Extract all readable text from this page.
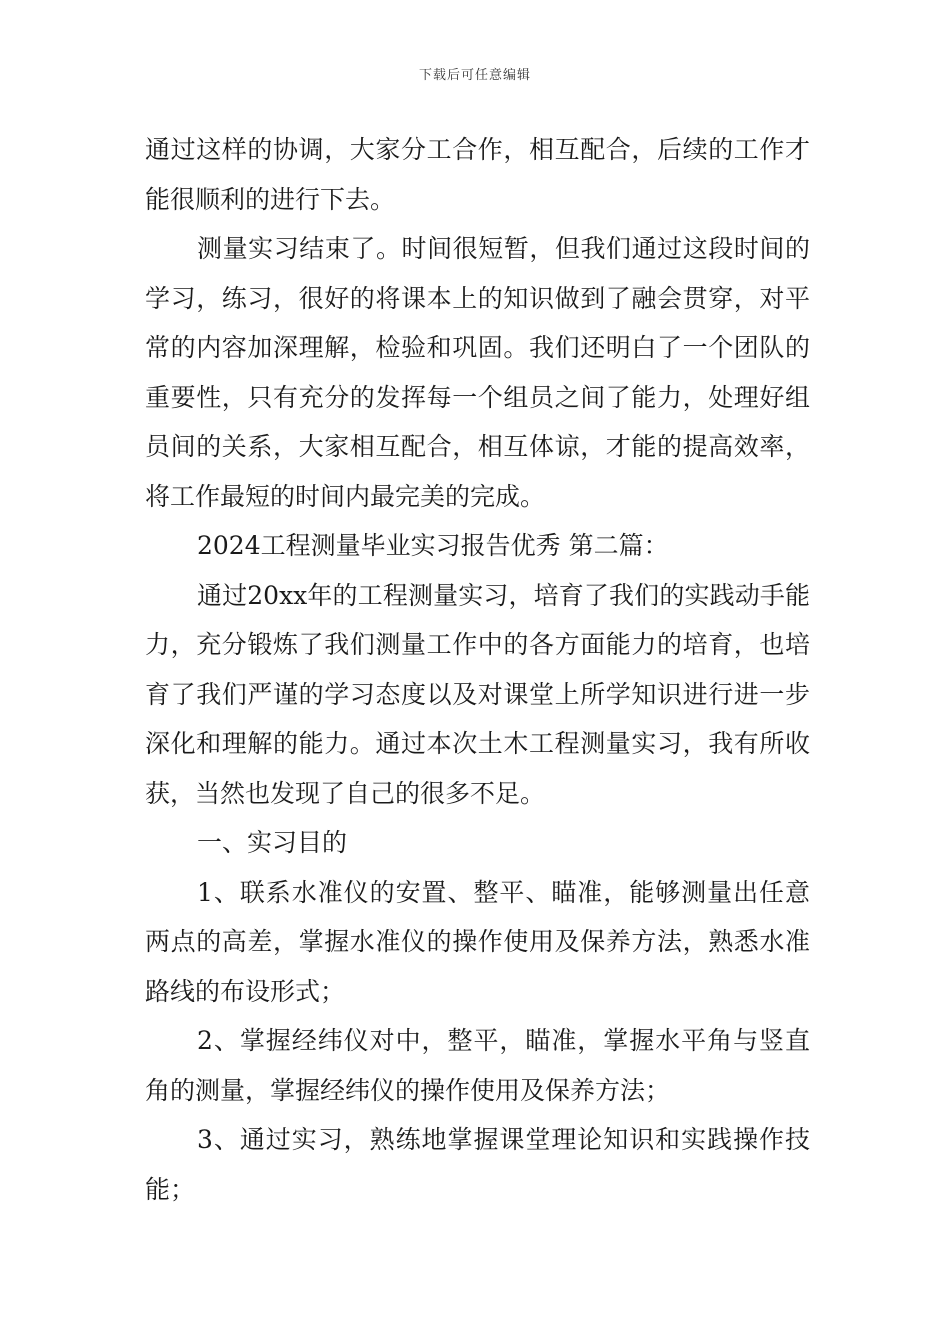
下载后可任意编辑

通过这样的协调，大家分工合作，相互配合，后续的工作才能很顺利的进行下去。

测量实习结束了。时间很短暂，但我们通过这段时间的学习，练习，很好的将课本上的知识做到了融会贯穿，对平常的内容加深理解，检验和巩固。我们还明白了一个团队的重要性，只有充分的发挥每一个组员之间了能力，处理好组员间的关系，大家相互配合，相互体谅，才能的提高效率，将工作最短的时间内最完美的完成。

2024工程测量毕业实习报告优秀 第二篇：

通过20xx年的工程测量实习，培育了我们的实践动手能力，充分锻炼了我们测量工作中的各方面能力的培育，也培育了我们严谨的学习态度以及对课堂上所学知识进行进一步深化和理解的能力。通过本次土木工程测量实习，我有所收获，当然也发现了自己的很多不足。

一、实习目的

1、联系水准仪的安置、整平、瞄准，能够测量出任意两点的高差，掌握水准仪的操作使用及保养方法，熟悉水准路线的布设形式；

2、掌握经纬仪对中，整平，瞄准，掌握水平角与竖直角的测量，掌握经纬仪的操作使用及保养方法；

3、通过实习，熟练地掌握课堂理论知识和实践操作技能；
